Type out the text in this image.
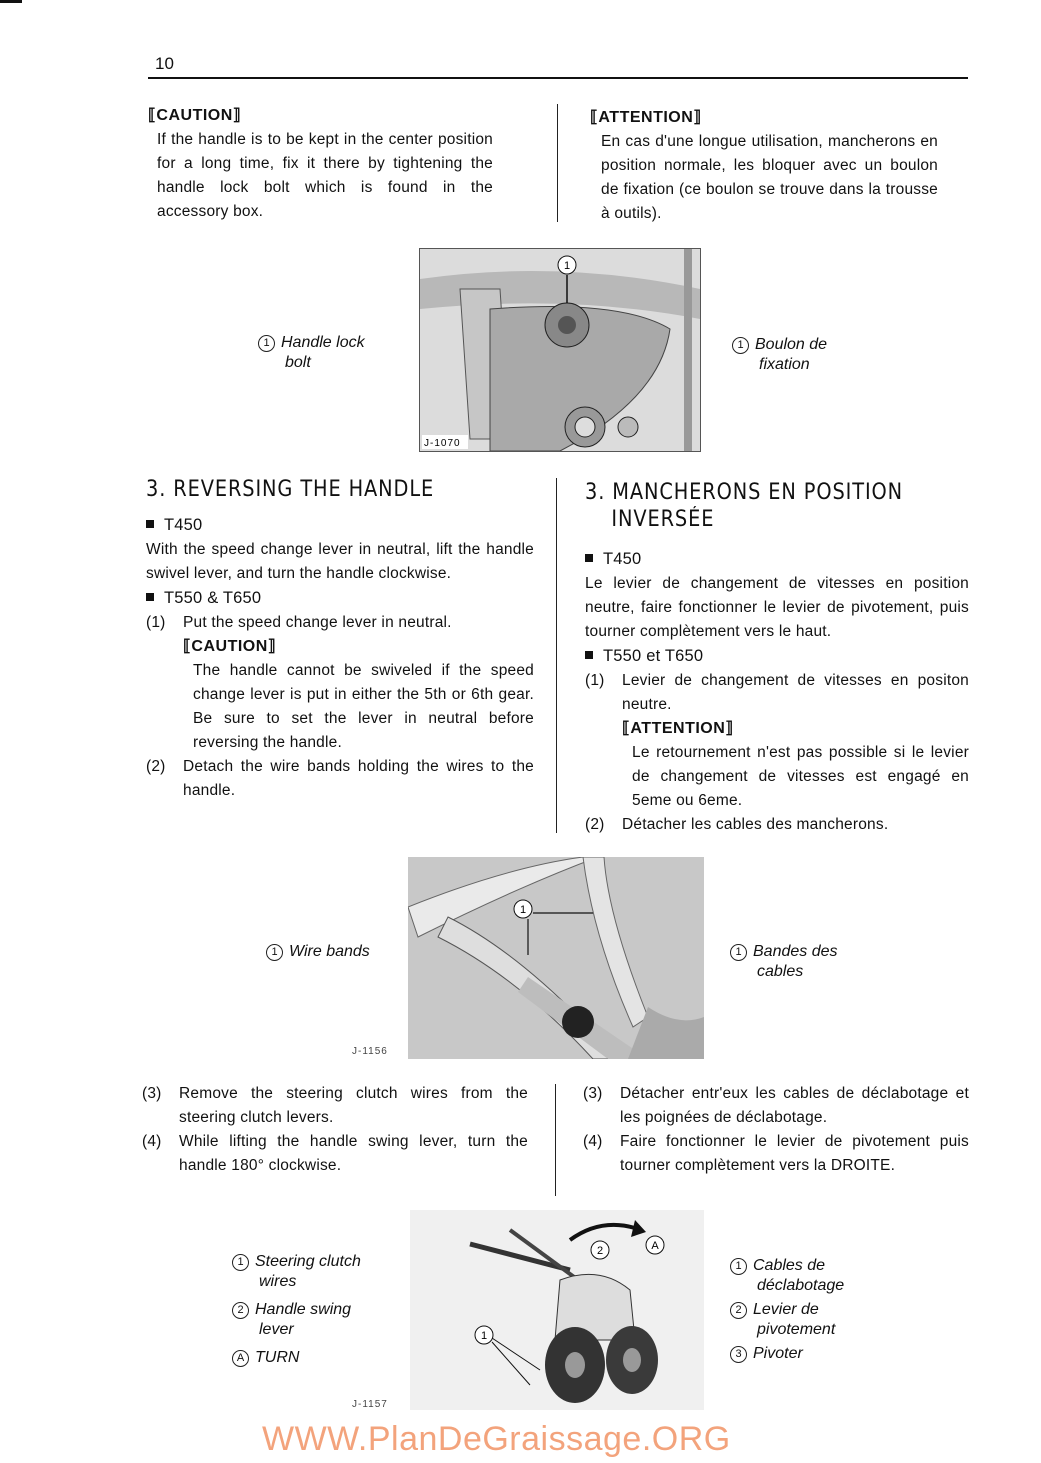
10
⟦CAUTION⟧

If the handle is to be kept in the center position for a long time, fix it there by tightening the handle lock bolt which is found in the accessory box.

⟦ATTENTION⟧

En cas d'une longue utilisation, mancherons en position normale, les bloquer avec un boulon de fixation (ce boulon se trouve dans la trousse à outils).

1 Handle lock
bolt
1
J-1070
1 Boulon de
fixation
3. REVERSING THE HANDLE
T450

With the speed change lever in neutral, lift the handle swivel lever, and turn the handle clockwise.

T550 & T650
(1)	Put the speed change lever in neutral.
⟦CAUTION⟧

The handle cannot be swiveled if the speed change lever is put in either the 5th or 6th gear. Be sure to set the lever in neutral before reversing the handle.

(2)	Detach the wire bands holding the wires to the handle.
3. MANCHERONS EN POSITION
INVERSÉE
T450

Le levier de changement de vitesses en position neutre, faire fonctionner le levier de pivotement, puis tourner complètement vers le haut.

T550 et T650
(1)	Levier de changement de vitesses en positon neutre.
⟦ATTENTION⟧

Le retournement n'est pas possible si le levier de changement de vitesses est engagé en 5eme ou 6eme.

(2)	Détacher les cables des mancherons.
1 Wire bands
1
J-1156
1 Bandes des
cables
(3)	Remove the steering clutch wires from the steering clutch levers.
(4)	While lifting the handle swing lever, turn the handle 180° clockwise.
(3)	Détacher entr'eux les cables de déclabotage et les poignées de déclabotage.
(4)	Faire fonctionner le levier de pivotement puis tourner complètement vers la DROITE.
1 Steering clutch
wires
2 Handle swing
lever
A TURN
2	A
1
J-1157
1 Cables de
déclabotage
2 Levier de
pivotement
3 Pivoter
WWW.PlanDeGraissage.ORG
